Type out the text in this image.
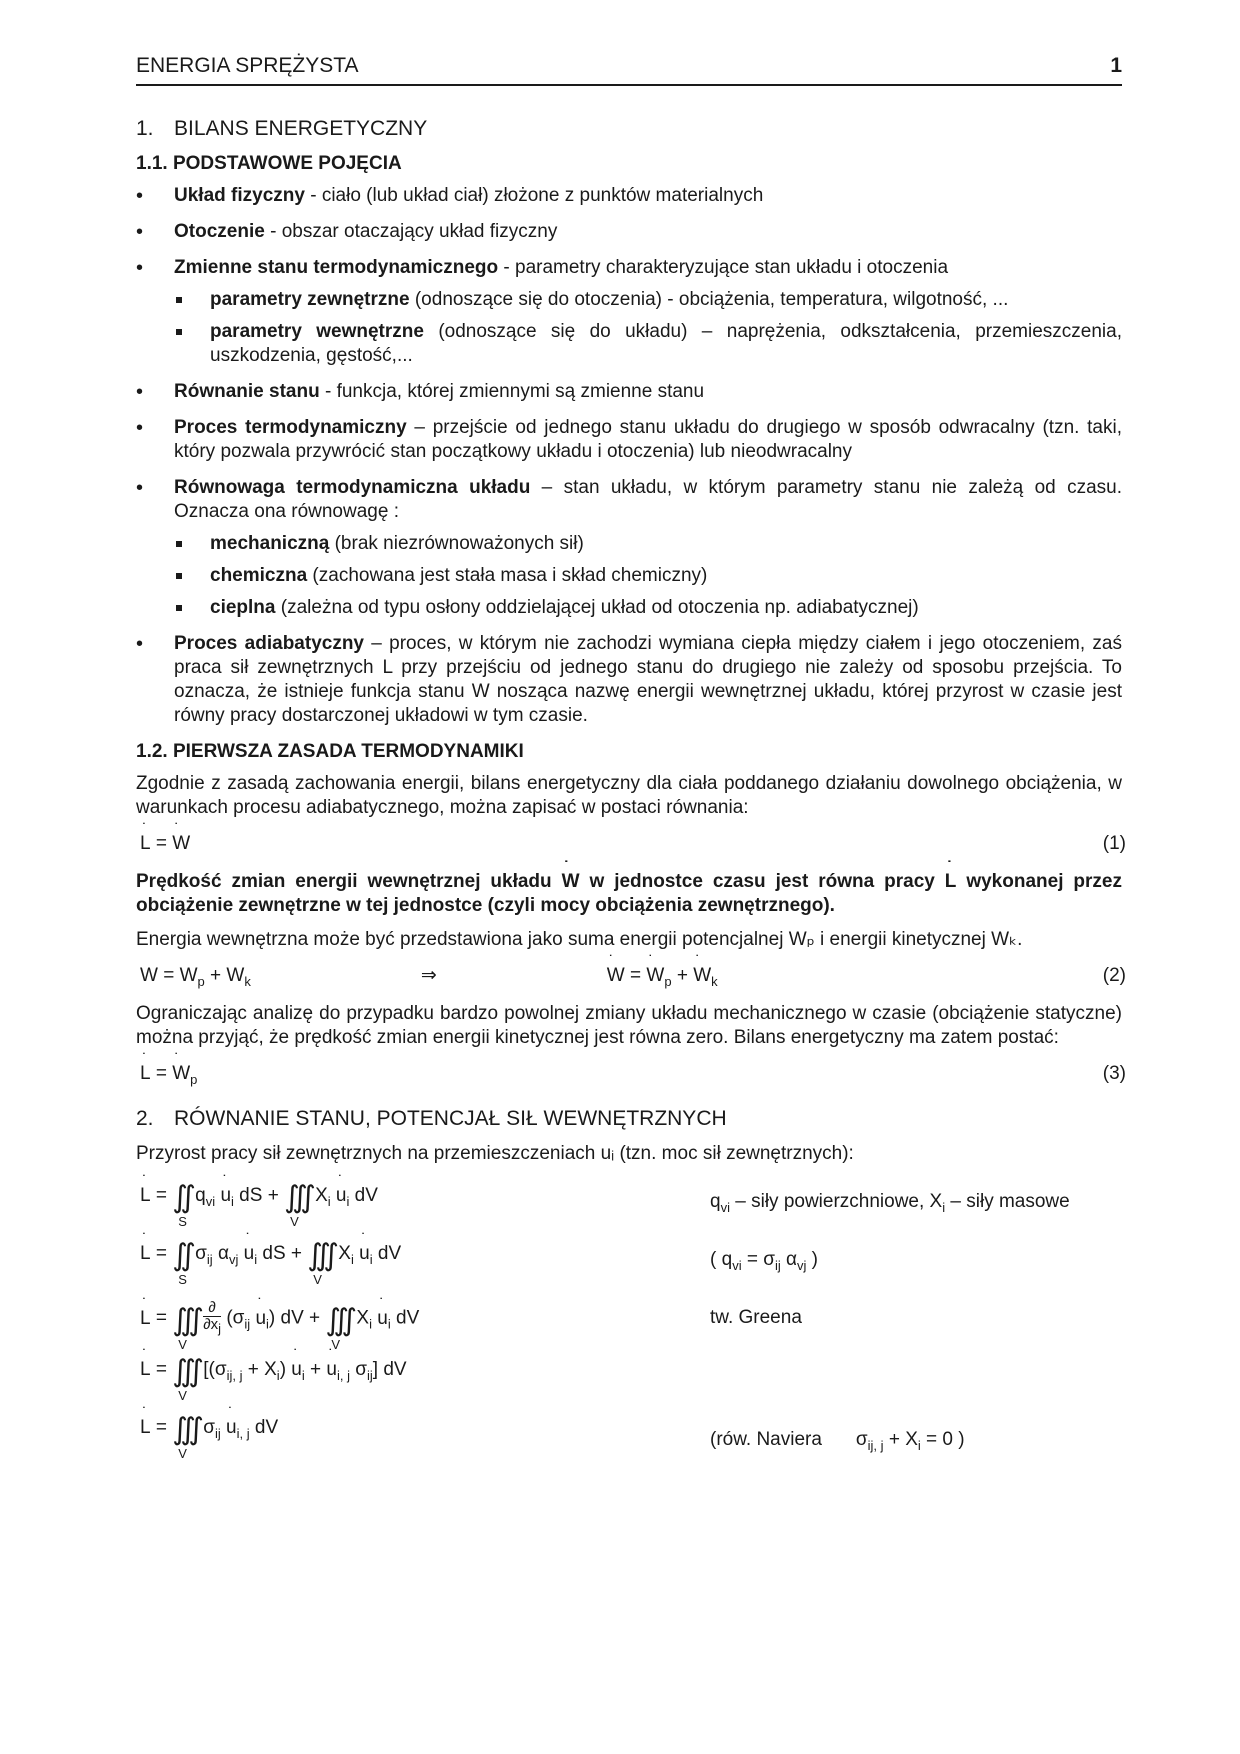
ENERGIA SPRĘŻYSTA	1
1. BILANS ENERGETYCZNY
1.1. PODSTAWOWE POJĘCIA
• Układ fizyczny - ciało (lub układ ciał) złożone z punktów materialnych
• Otoczenie - obszar otaczający układ fizyczny
• Zmienne stanu termodynamicznego - parametry charakteryzujące stan układu i otoczenia
parametry zewnętrzne (odnoszące się do otoczenia) - obciążenia, temperatura, wilgotność, ...
parametry wewnętrzne (odnoszące się do układu) – naprężenia, odkształcenia, przemieszczenia, uszkodzenia, gęstość,...
• Równanie stanu - funkcja, której zmiennymi są zmienne stanu
• Proces termodynamiczny – przejście od jednego stanu układu do drugiego w sposób odwracalny (tzn. taki, który pozwala przywrócić stan początkowy układu i otoczenia) lub nieodwracalny
• Równowaga termodynamiczna układu – stan układu, w którym parametry stanu nie zależą od czasu. Oznacza ona równowagę :
mechaniczną (brak niezrównoważonych sił)
chemiczna (zachowana jest stała masa i skład chemiczny)
cieplna (zależna od typu osłony oddzielającej układ od otoczenia np. adiabatycznej)
• Proces adiabatyczny – proces, w którym nie zachodzi wymiana ciepła między ciałem i jego otoczeniem, zaś praca sił zewnętrznych L przy przejściu od jednego stanu do drugiego nie zależy od sposobu przejścia. To oznacza, że istnieje funkcja stanu W nosząca nazwę energii wewnętrznej układu, której przyrost w czasie jest równy pracy dostarczonej układowi w tym czasie.
1.2. PIERWSZA ZASADA TERMODYNAMIKI

Zgodnie z zasadą zachowania energii, bilans energetyczny dla ciała poddanego działaniu dowolnego obciążenia, w warunkach procesu adiabatycznego, można zapisać w postaci równania:

L ˙ = W ˙	(1)

Prędkość zmian energii wewnętrznej układu W ˙ w jednostce czasu jest równa pracy L ˙ wykonanej przez obciążenie zewnętrzne w tej jednostce (czyli mocy obciążenia zewnętrznego).

Energia wewnętrzna może być przedstawiona jako suma energii potencjalnej Wₚ i energii kinetycznej Wₖ.

$W = W_p + W_k$	⇒	W ˙ = W $˙_p + W$ $˙_k$	(2)

Ograniczając analizę do przypadku bardzo powolnej zmiany układu mechanicznego w czasie (obciążenie statyczne) można przyjąć, że prędkość zmian energii kinetycznej jest równa zero. Bilans energetyczny ma zatem postać:

L ˙ = W $˙_p$	(3)
2. RÓWNANIE STANU, POTENCJAŁ SIŁ WEWNĘTRZNYCH

Przyrost pracy sił zewnętrznych na przemieszczeniach uᵢ (tzn. moc sił zewnętrznych):

L ˙ = ∬
S
$q_{vi}$ u $˙_i$ dS + ∭
V
$X_i$ u $˙_i$ dV	$q_{vi}$ – siły powierzchniowe, $X_i$ – siły masowe
L ˙ = ∬
S
$\sigma_{ij}$ $\alpha_{vj}$ u $˙_i$ dS + ∭
V
$X_i$ u $˙_i$ dV	( $q_{vi} = \sigma_{ij}$ $\alpha_{vj}$ )
L ˙ = ∭
V

$\frac{\partial}{\partial x_j} (\sigma_{ij}$ u $˙_i$) dV + ∭
V
$X_i$ u $˙_i$ dV	tw. Greena
L ˙ = ∭
V
[$(\sigma_{ij, j} + X_i)$ u $˙_i + u$ $˙_{i, j}$ $\sigma_{ij}$] dV
L ˙ = ∭
V
$\sigma_{ij}$ u $˙_{i, j}$ dV
(rów. Naviera $\sigma_{ij, j} + X_i = 0$ )
